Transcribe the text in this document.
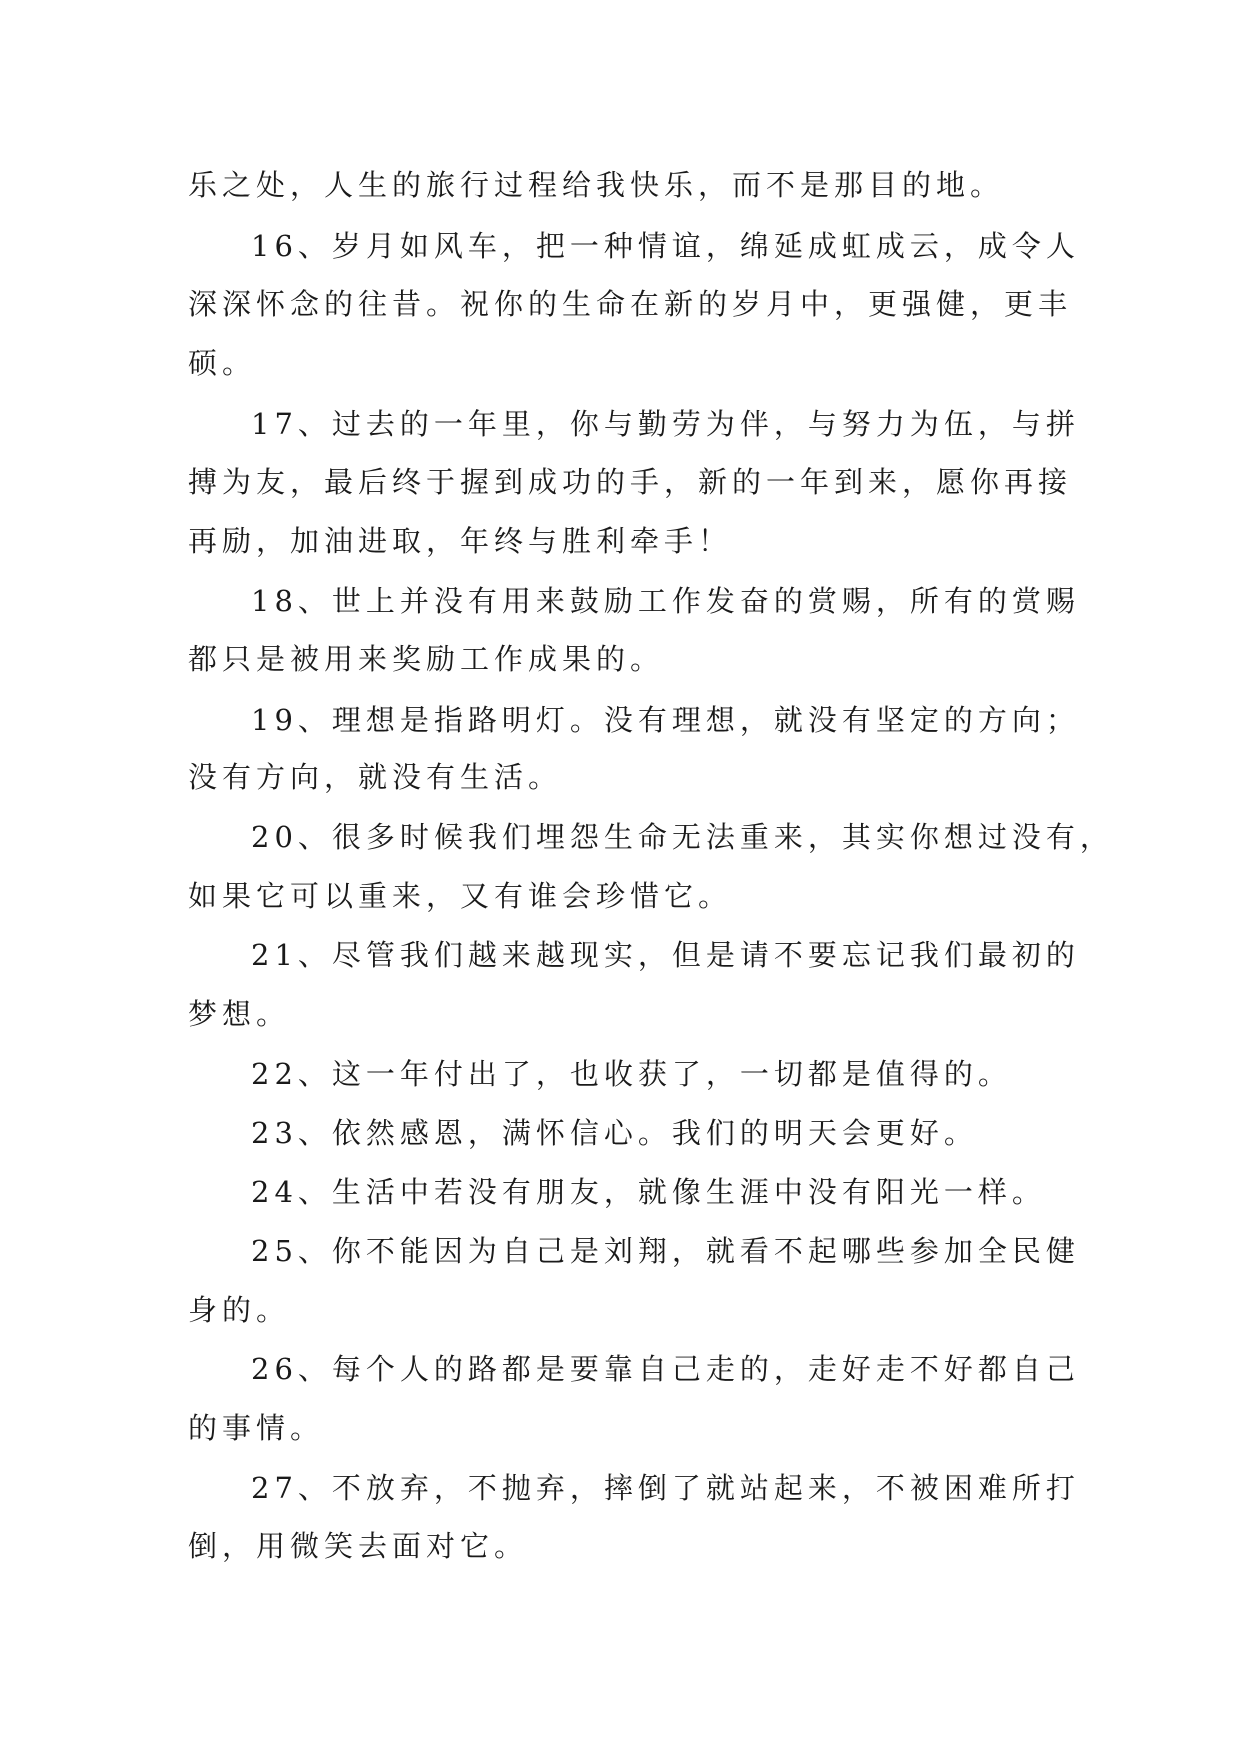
乐之处，人生的旅行过程给我快乐，而不是那目的地。
16、岁月如风车，把一种情谊，绵延成虹成云，成令人
深深怀念的往昔。祝你的生命在新的岁月中，更强健，更丰
硕。
17、过去的一年里，你与勤劳为伴，与努力为伍，与拼
搏为友，最后终于握到成功的手，新的一年到来，愿你再接
再励，加油进取，年终与胜利牵手！
18、世上并没有用来鼓励工作发奋的赏赐，所有的赏赐
都只是被用来奖励工作成果的。
19、理想是指路明灯。没有理想，就没有坚定的方向；
没有方向，就没有生活。
20、很多时候我们埋怨生命无法重来，其实你想过没有，
如果它可以重来，又有谁会珍惜它。
21、尽管我们越来越现实，但是请不要忘记我们最初的
梦想。
22、这一年付出了，也收获了，一切都是值得的。
23、依然感恩，满怀信心。我们的明天会更好。
24、生活中若没有朋友，就像生涯中没有阳光一样。
25、你不能因为自己是刘翔，就看不起哪些参加全民健
身的。
26、每个人的路都是要靠自己走的，走好走不好都自己
的事情。
27、不放弃，不抛弃，摔倒了就站起来，不被困难所打
倒，用微笑去面对它。
